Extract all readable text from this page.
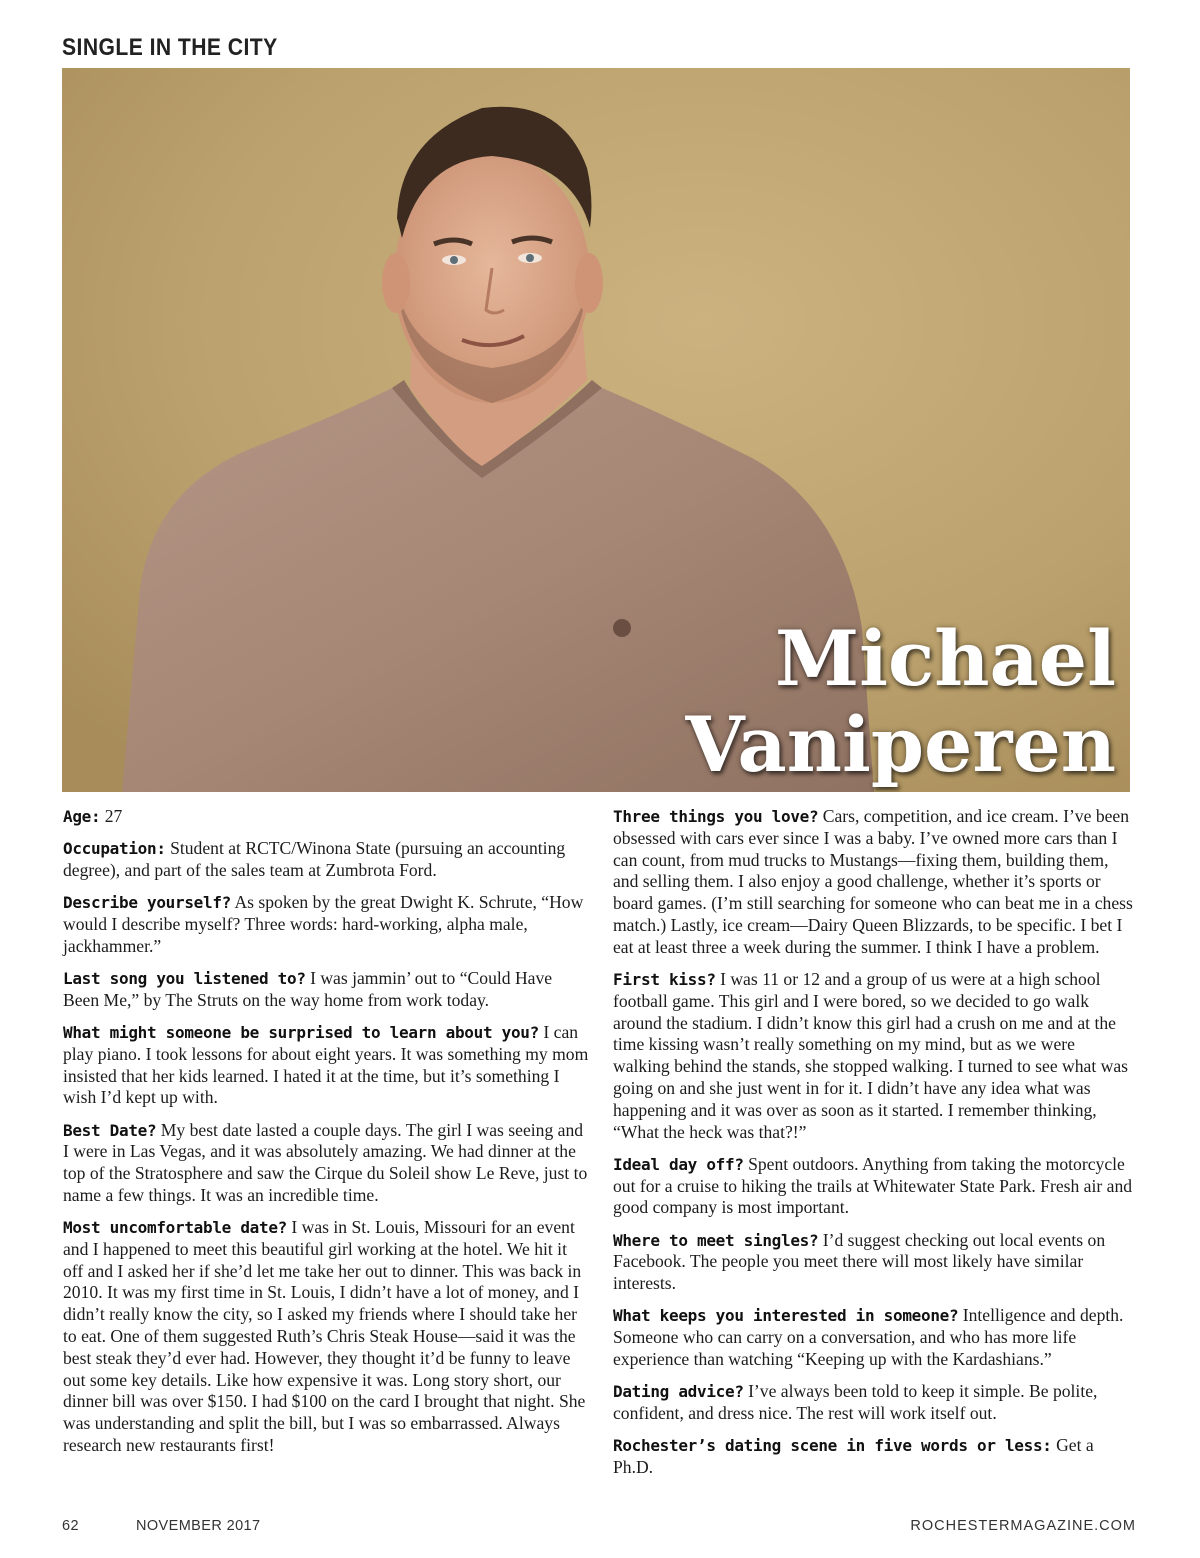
SINGLE IN THE CITY
Michael
Vaniperen
Age: 27
Occupation: Student at RCTC/Winona State (pursuing an accounting degree), and part of the sales team at Zumbrota Ford.
Describe yourself? As spoken by the great Dwight K. Schrute, “How would I describe myself? Three words: hard-working, alpha male, jackhammer.”
Last song you listened to? I was jammin’ out to “Could Have Been Me,” by The Struts on the way home from work today.
What might someone be surprised to learn about you? I can play piano. I took lessons for about eight years. It was something my mom insisted that her kids learned. I hated it at the time, but it’s something I wish I’d kept up with.
Best Date? My best date lasted a couple days. The girl I was seeing and I were in Las Vegas, and it was absolutely amazing. We had dinner at the top of the Stratosphere and saw the Cirque du Soleil show Le Reve, just to name a few things. It was an incredible time.
Most uncomfortable date? I was in St. Louis, Missouri for an event and I happened to meet this beautiful girl working at the hotel. We hit it off and I asked her if she’d let me take her out to dinner. This was back in 2010. It was my first time in St. Louis, I didn’t have a lot of money, and I didn’t really know the city, so I asked my friends where I should take her to eat. One of them suggested Ruth’s Chris Steak House—said it was the best steak they’d ever had. However, they thought it’d be funny to leave out some key details. Like how expensive it was. Long story short, our dinner bill was over $150. I had $100 on the card I brought that night. She was understanding and split the bill, but I was so embarrassed. Always research new restaurants first!
Three things you love? Cars, competition, and ice cream. I’ve been obsessed with cars ever since I was a baby. I’ve owned more cars than I can count, from mud trucks to Mustangs—fixing them, building them, and selling them. I also enjoy a good challenge, whether it’s sports or board games. (I’m still searching for someone who can beat me in a chess match.) Lastly, ice cream—Dairy Queen Blizzards, to be specific. I bet I eat at least three a week during the summer. I think I have a problem.
First kiss? I was 11 or 12 and a group of us were at a high school football game. This girl and I were bored, so we decided to go walk around the stadium. I didn’t know this girl had a crush on me and at the time kissing wasn’t really something on my mind, but as we were walking behind the stands, she stopped walking. I turned to see what was going on and she just went in for it. I didn’t have any idea what was happening and it was over as soon as it started. I remember thinking, “What the heck was that?!”
Ideal day off? Spent outdoors. Anything from taking the motorcycle out for a cruise to hiking the trails at Whitewater State Park. Fresh air and good company is most important.
Where to meet singles? I’d suggest checking out local events on Facebook. The people you meet there will most likely have similar interests.
What keeps you interested in someone? Intelligence and depth. Someone who can carry on a conversation, and who has more life experience than watching “Keeping up with the Kardashians.”
Dating advice? I’ve always been told to keep it simple. Be polite, confident, and dress nice. The rest will work itself out.
Rochester’s dating scene in five words or less: Get a Ph.D.
62	NOVEMBER 2017	ROCHESTERMAGAZINE.COM
